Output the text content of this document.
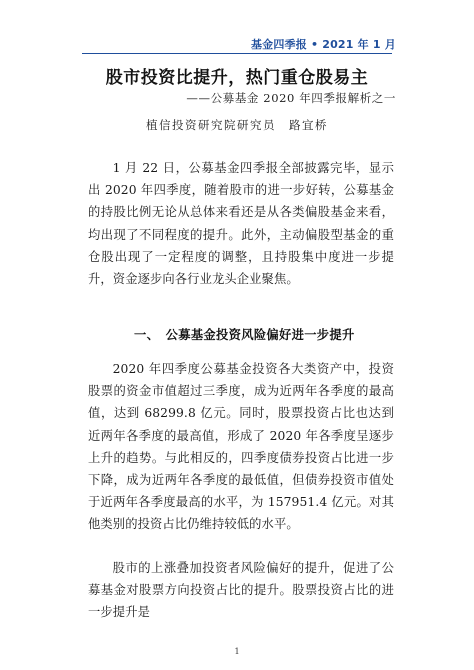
基金四季报 • 2021 年 1 月
股市投资比提升，热门重仓股易主
——公募基金 2020 年四季报解析之一
植信投资研究院研究员　路宜桥
1 月 22 日，公募基金四季报全部披露完毕，显示出 2020 年四季度，随着股市的进一步好转，公募基金的持股比例无论从总体来看还是从各类偏股基金来看，均出现了不同程度的提升。此外，主动偏股型基金的重仓股出现了一定程度的调整，且持股集中度进一步提升，资金逐步向各行业龙头企业聚焦。
一、　公募基金投资风险偏好进一步提升
2020 年四季度公募基金投资各大类资产中，投资股票的资金市值超过三季度，成为近两年各季度的最高值，达到 68299.8 亿元。同时，股票投资占比也达到近两年各季度的最高值，形成了 2020 年各季度呈逐步上升的趋势。与此相反的，四季度债券投资占比进一步下降，成为近两年各季度的最低值，但债券投资市值处于近两年各季度最高的水平，为 157951.4 亿元。对其他类别的投资占比仍维持较低的水平。
股市的上涨叠加投资者风险偏好的提升，促进了公募基金对股票方向投资占比的提升。股票投资占比的进一步提升是
1
